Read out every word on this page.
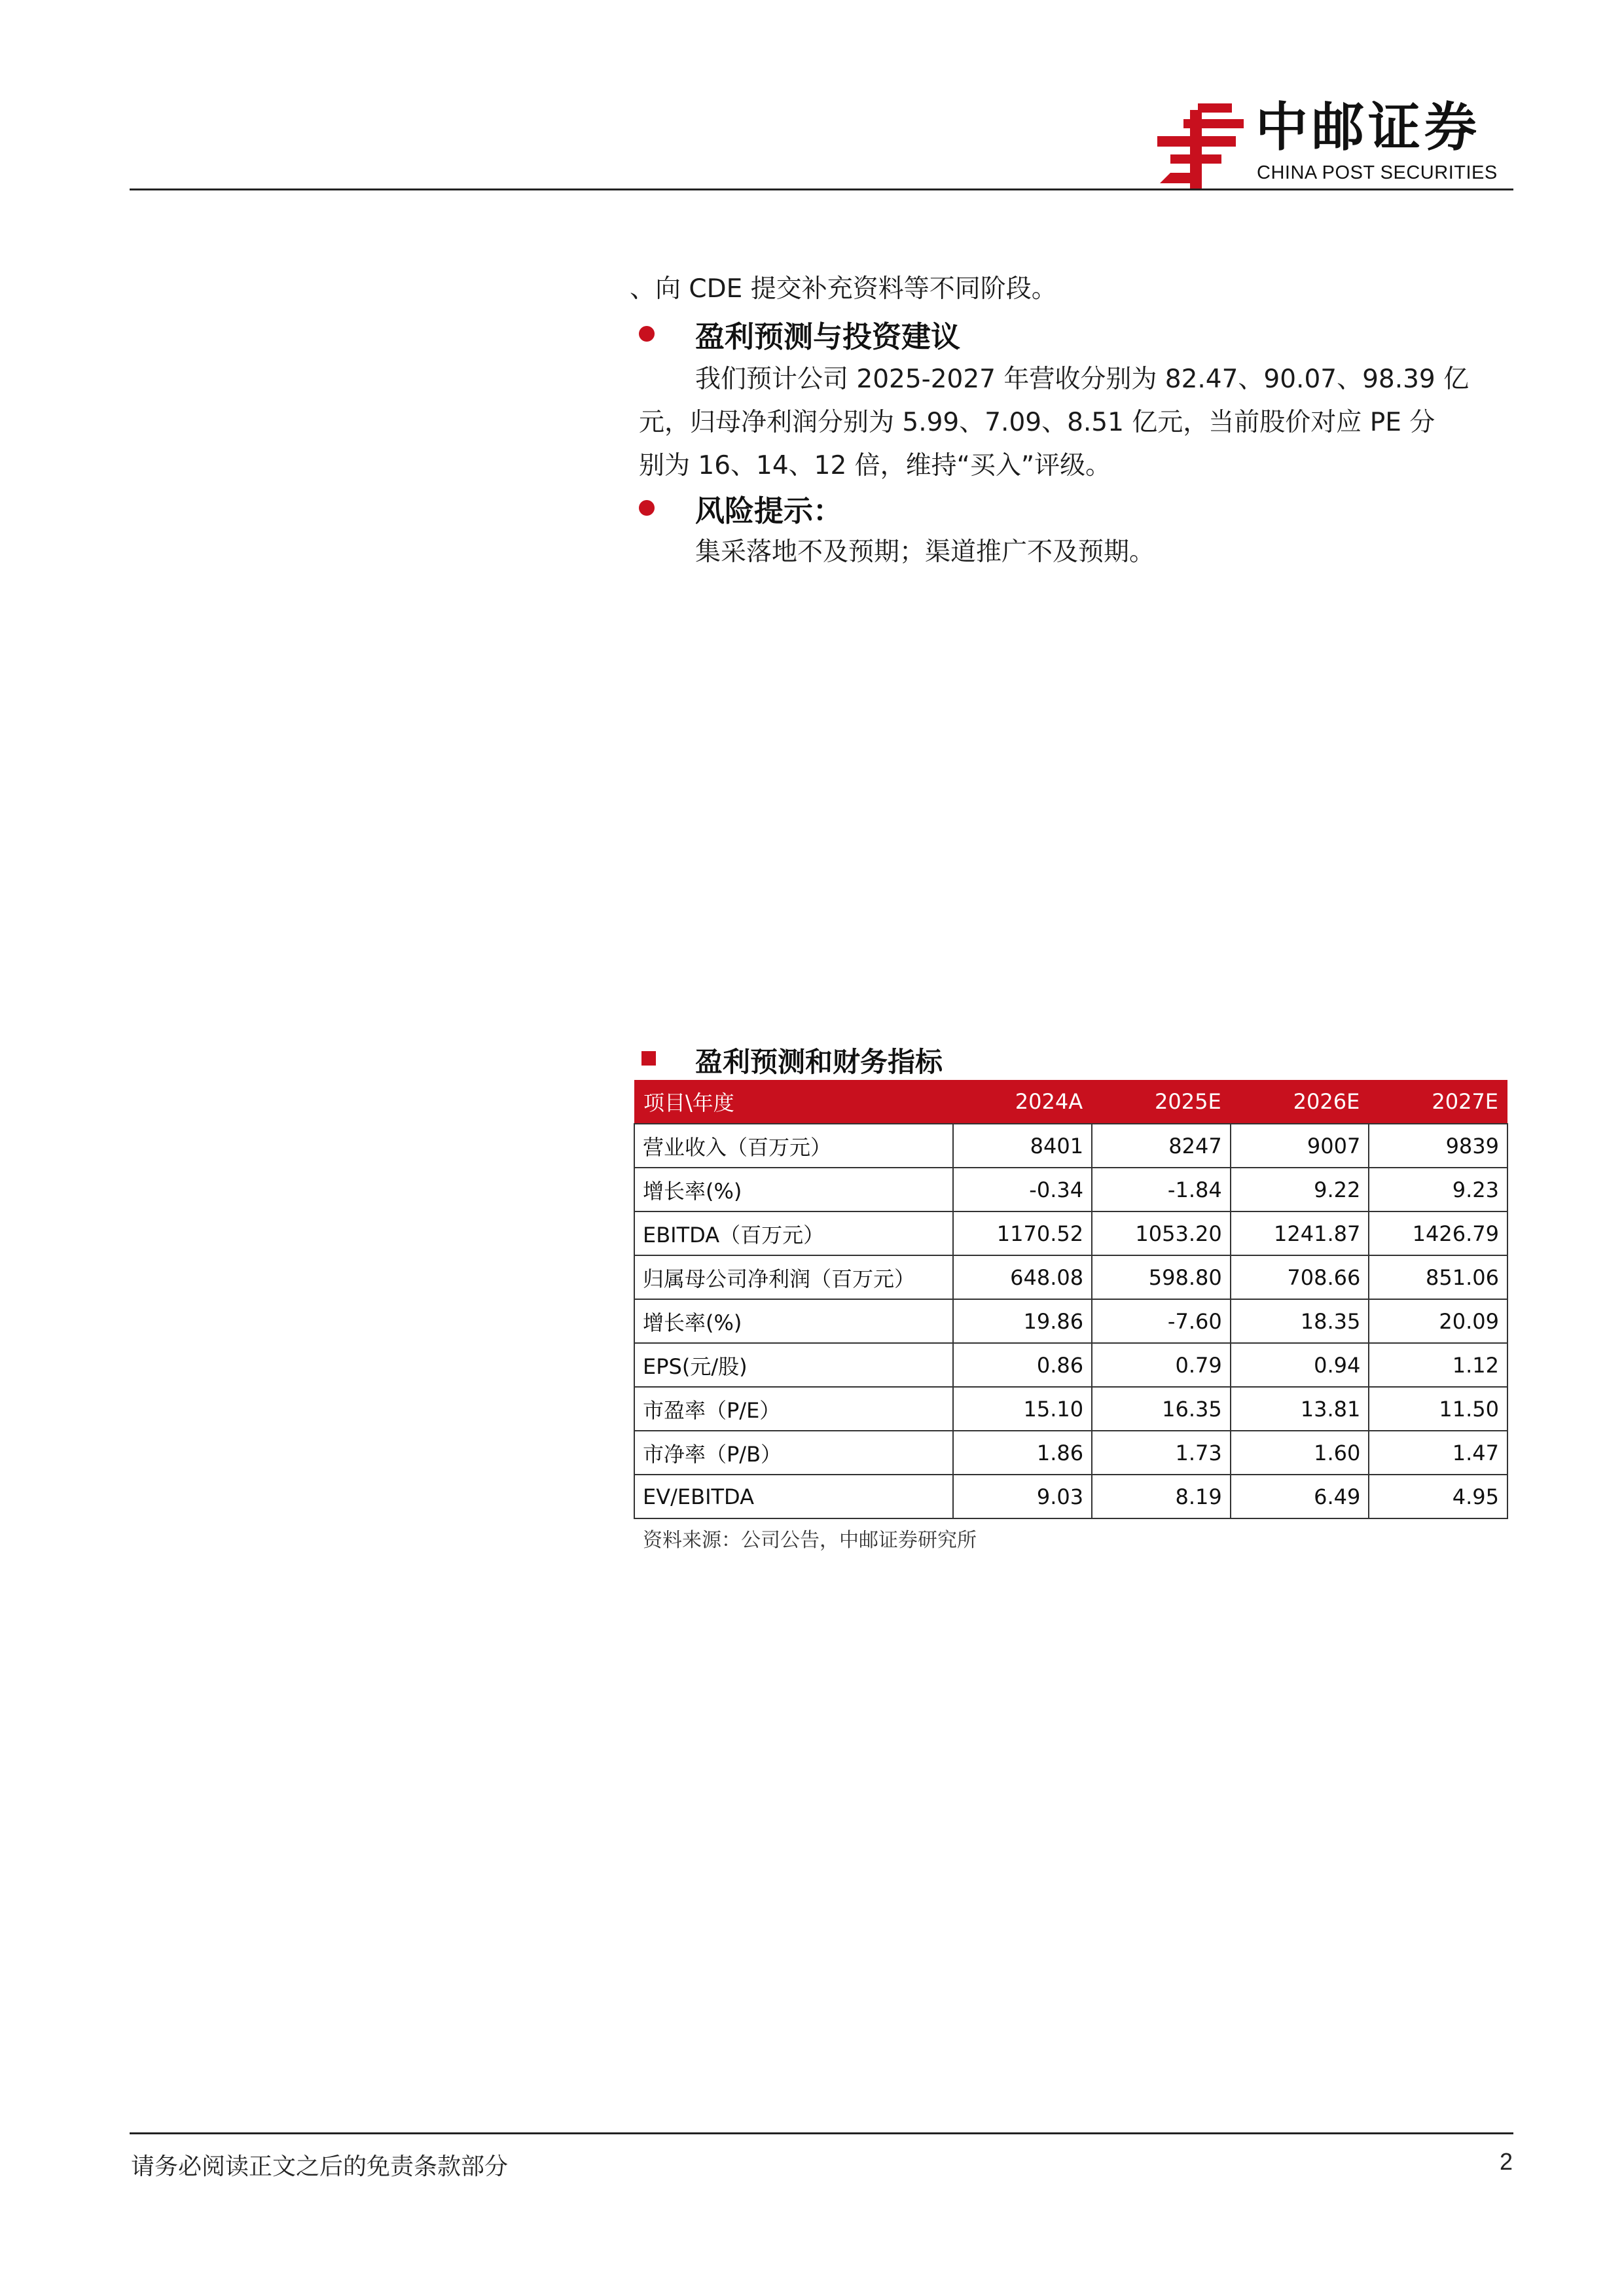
中邮证券
CHINA POST SECURITIES
、向 CDE 提交补充资料等不同阶段。
盈利预测与投资建议
我们预计公司 2025-2027 年营收分别为 82.47、90.07、98.39 亿
元，归母净利润分别为 5.99、7.09、8.51 亿元，当前股价对应 PE 分
别为 16、14、12 倍，维持“买入”评级。
风险提示：
集采落地不及预期；渠道推广不及预期。
盈利预测和财务指标
项目\年度	2024A	2025E	2026E	2027E
营业收入（百万元）	8401	8247	9007	9839
增长率(%)	-0.34	-1.84	9.22	9.23
EBITDA（百万元）	1170.52	1053.20	1241.87	1426.79
归属母公司净利润（百万元）	648.08	598.80	708.66	851.06
增长率(%)	19.86	-7.60	18.35	20.09
EPS(元/股)	0.86	0.79	0.94	1.12
市盈率（P/E）	15.10	16.35	13.81	11.50
市净率（P/B）	1.86	1.73	1.60	1.47
EV/EBITDA	9.03	8.19	6.49	4.95
资料来源：公司公告，中邮证券研究所
请务必阅读正文之后的免责条款部分	2
